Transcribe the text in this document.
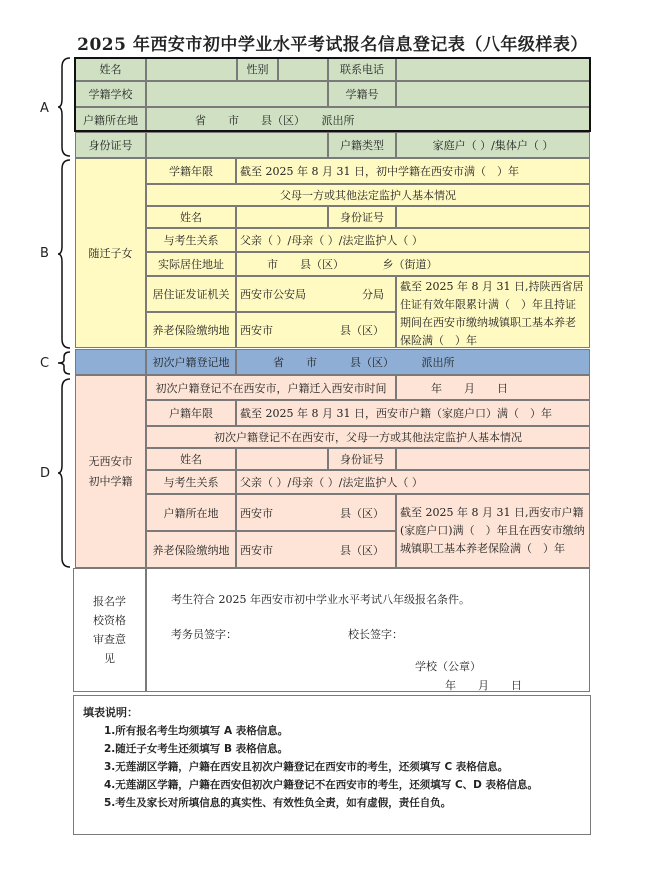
2025 年西安市初中学业水平考试报名信息登记表（八年级样表）
A
B
C
D
姓名	性别	联系电话
学籍学校	学籍号
户籍所在地	省　　市　　县（区）　　派出所
身份证号	户籍类型	家庭户（ ）/集体户（ ）
随迁子女
学籍年限	截至 2025 年 8 月 31 日，初中学籍在西安市满（　）年
父母一方或其他法定监护人基本情况
姓名	身份证号
与考生关系	父亲（ ）/母亲（ ）/法定监护人（ ）
实际居住地址	市　　县（区）　　　　乡（街道）
居住证发证机关 西安市公安局	分局
养老保险缴纳地 西安市	县（区）
截至 2025 年 8 月 31 日,持陕西省居住证有效年限累计满（　）年且持证期间在西安市缴纳城镇职工基本养老保险满（　）年
初次户籍登记地	省　　市　　　县（区）　　　派出所
无西安市初中学籍
初次户籍登记不在西安市，户籍迁入西安市时间	年　　月　　日
户籍年限	截至 2025 年 8 月 31 日，西安市户籍（家庭户口）满（　）年
初次户籍登记不在西安市，父母一方或其他法定监护人基本情况
姓名	身份证号
与考生关系	父亲（ ）/母亲（ ）/法定监护人（ ）
户籍所在地	西安市	县（区）
养老保险缴纳地 西安市	县（区）
截至 2025 年 8 月 31 日,西安市户籍(家庭户口)满（　）年且在西安市缴纳城镇职工基本养老保险满（　）年
报名学校资格审查意见
考生符合 2025 年西安市初中学业水平考试八年级报名条件。
考务员签字：	校长签字：
学校（公章）
年　　月　　日
填表说明：
1.所有报名考生均须填写 A 表格信息。
2.随迁子女考生还须填写 B 表格信息。
3.无莲湖区学籍，户籍在西安且初次户籍登记在西安市的考生，还须填写 C 表格信息。
4.无莲湖区学籍，户籍在西安但初次户籍登记不在西安市的考生，还须填写 C、D 表格信息。
5.考生及家长对所填信息的真实性、有效性负全责，如有虚假，责任自负。
